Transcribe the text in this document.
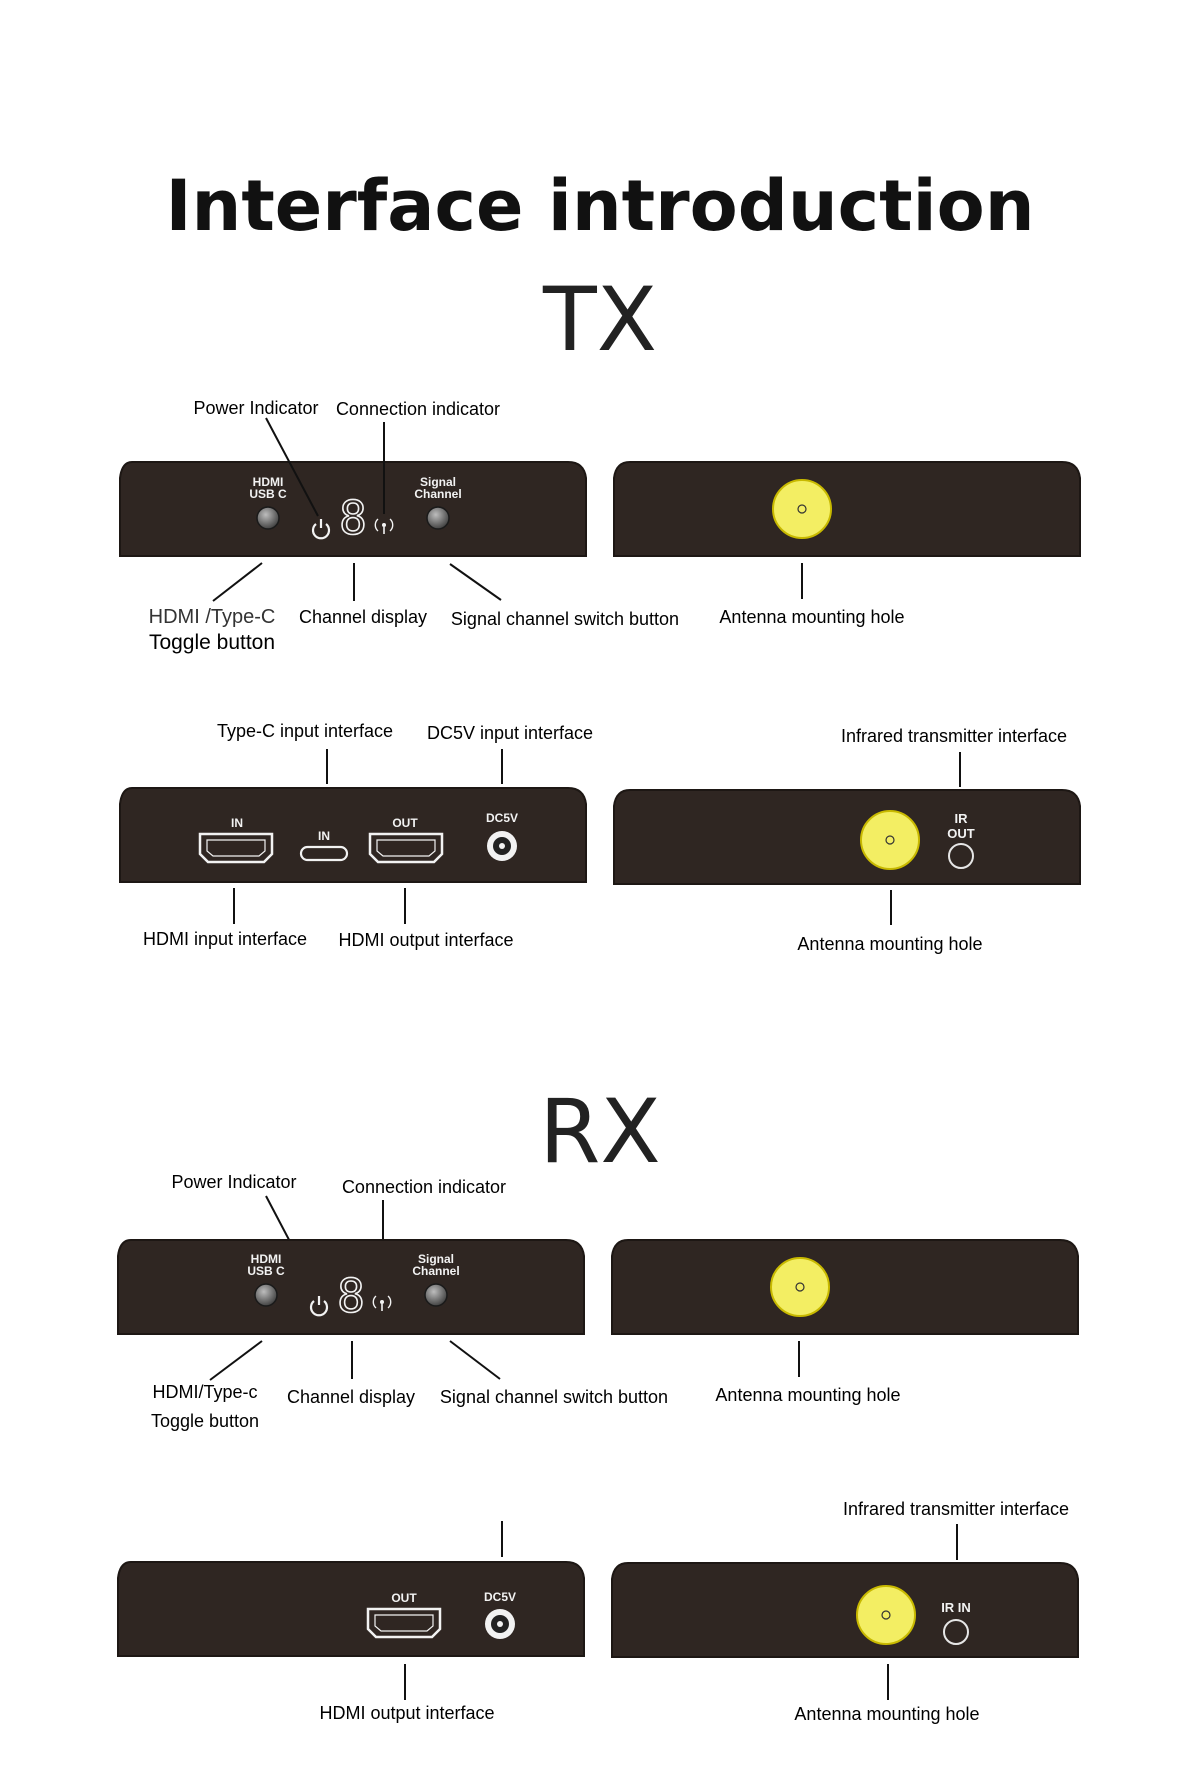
Interface introduction
TX
HDMI
USB C 8
Signal
Channel
Power Indicator Connection indicator
HDMI /Type-C
Toggle button
Channel display Signal channel switch button Antenna mounting hole
Type-C input interface DC5V input interface
IN
IN
OUT	DC5V
HDMI input interface HDMI output interface
Infrared transmitter interface
IR
OUT
Antenna mounting hole
RX
Power Indicator	Connection indicator
HDMI
USB C 8
Signal
Channel
HDMI/Type-c
Toggle button
Channel display Signal channel switch button	Antenna mounting hole
OUT	DC5V
HDMI output interface
Infrared transmitter interface
IR IN
Antenna mounting hole
